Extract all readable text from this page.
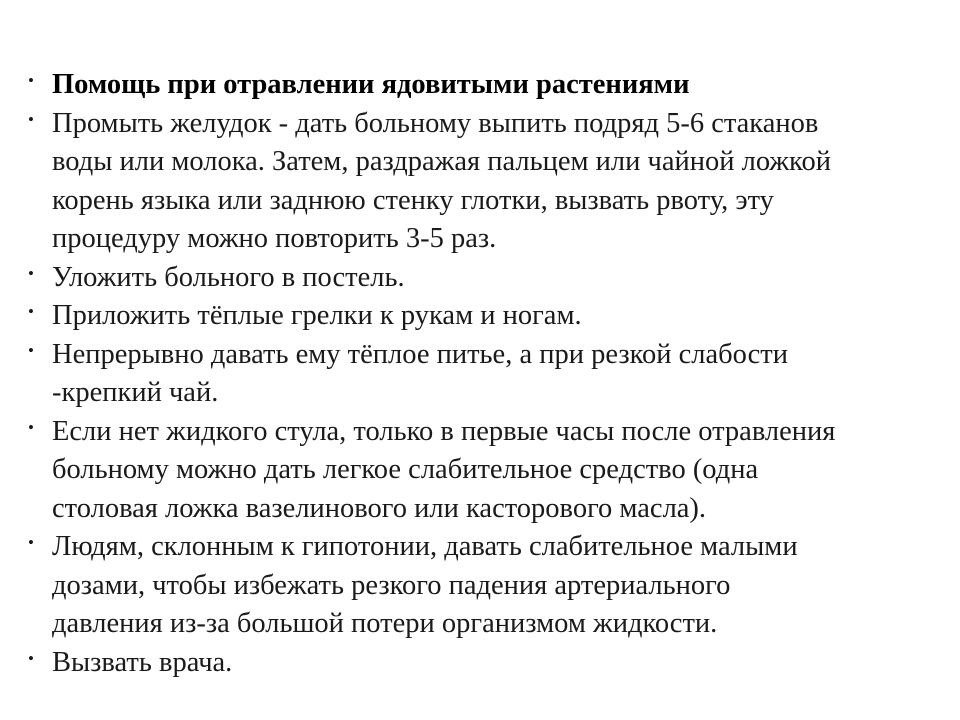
• Помощь при отравлении ядовитыми растениями
• Промыть желудок - дать больному выпить подряд 5-6 стаканов
воды или молока. Затем, раздражая пальцем или чайной ложкой
корень языка или заднюю стенку глотки, вызвать рвоту, эту
процедуру можно повторить 3-5 раз.
• Уложить больного в постель.
• Приложить тёплые грелки к рукам и ногам.
• Непрерывно давать ему тёплое питье, а при резкой слабости
-крепкий чай.
• Если нет жидкого стула, только в первые часы после отравления
больному можно дать легкое слабительное средство (одна
столовая ложка вазелинового или касторового масла).
• Людям, склонным к гипотонии, давать слабительное малыми
дозами, чтобы избежать резкого падения артериального
давления из-за большой потери организмом жидкости.
• Вызвать врача.
